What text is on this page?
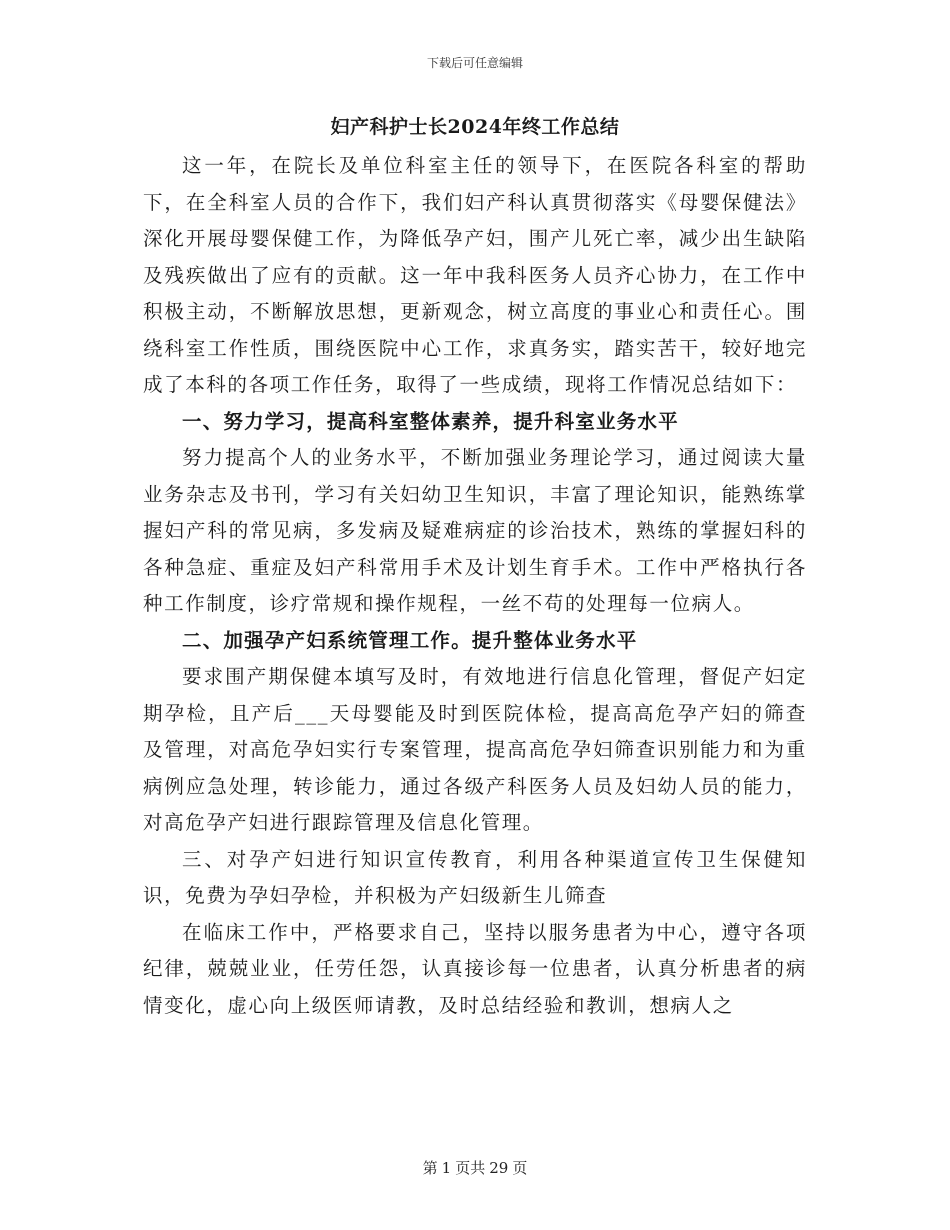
下载后可任意编辑
妇产科护士长2024年终工作总结

这一年，在院长及单位科室主任的领导下，在医院各科室的帮助下，在全科室人员的合作下，我们妇产科认真贯彻落实《母婴保健法》深化开展母婴保健工作，为降低孕产妇，围产儿死亡率，减少出生缺陷及残疾做出了应有的贡献。这一年中我科医务人员齐心协力，在工作中积极主动，不断解放思想，更新观念，树立高度的事业心和责任心。围绕科室工作性质，围绕医院中心工作，求真务实，踏实苦干，较好地完成了本科的各项工作任务，取得了一些成绩，现将工作情况总结如下：

一、努力学习，提高科室整体素养，提升科室业务水平

努力提高个人的业务水平，不断加强业务理论学习，通过阅读大量业务杂志及书刊，学习有关妇幼卫生知识，丰富了理论知识，能熟练掌握妇产科的常见病，多发病及疑难病症的诊治技术，熟练的掌握妇科的各种急症、重症及妇产科常用手术及计划生育手术。工作中严格执行各种工作制度，诊疗常规和操作规程，一丝不苟的处理每一位病人。

二、加强孕产妇系统管理工作。提升整体业务水平

要求围产期保健本填写及时，有效地进行信息化管理，督促产妇定期孕检，且产后___天母婴能及时到医院体检，提高高危孕产妇的筛查及管理，对高危孕妇实行专案管理，提高高危孕妇筛查识别能力和为重病例应急处理，转诊能力，通过各级产科医务人员及妇幼人员的能力，对高危孕产妇进行跟踪管理及信息化管理。

三、对孕产妇进行知识宣传教育，利用各种渠道宣传卫生保健知识，免费为孕妇孕检，并积极为产妇级新生儿筛查

在临床工作中，严格要求自己，坚持以服务患者为中心，遵守各项纪律，兢兢业业，任劳任怨，认真接诊每一位患者，认真分析患者的病情变化，虚心向上级医师请教，及时总结经验和教训，想病人之

第 1 页共 29 页
